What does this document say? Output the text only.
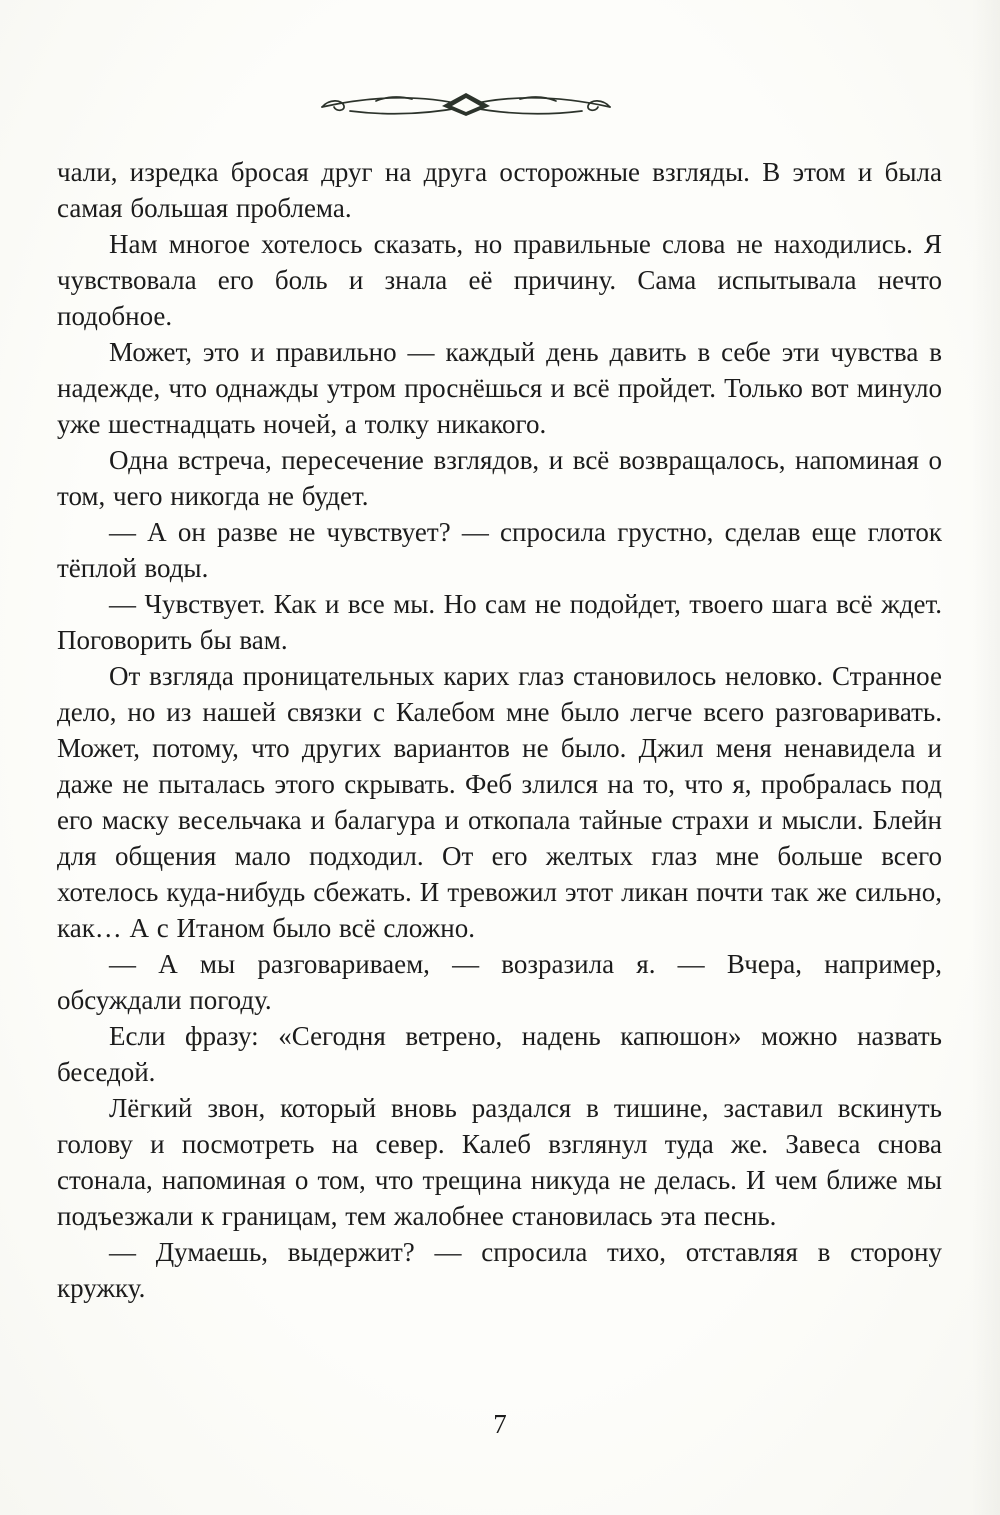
чали, изредка бросая друг на друга осторожные взгляды. В этом и была самая большая проблема.

Нам многое хотелось сказать, но правильные слова не находились. Я чувствовала его боль и знала её причину. Сама испытывала нечто подобное.

Может, это и правильно — каждый день давить в себе эти чувства в надежде, что однажды утром проснёшься и всё пройдет. Только вот минуло уже шестнадцать ночей, а толку никакого.

Одна встреча, пересечение взглядов, и всё возвращалось, напоминая о том, чего никогда не будет.

— А он разве не чувствует? — спросила грустно, сделав еще глоток тёплой воды.

— Чувствует. Как и все мы. Но сам не подойдет, твоего шага всё ждет. Поговорить бы вам.

От взгляда проницательных карих глаз становилось неловко. Странное дело, но из нашей связки с Калебом мне было легче всего разговаривать. Может, потому, что других вариантов не было. Джил меня ненавидела и даже не пыталась этого скрывать. Феб злился на то, что я, пробралась под его маску весельчака и балагура и откопала тайные страхи и мысли. Блейн для общения мало подходил. От его желтых глаз мне больше всего хотелось куда-нибудь сбежать. И тревожил этот ликан почти так же сильно, как… А с Итаном было всё сложно.

— А мы разговариваем, — возразила я. — Вчера, например, обсуждали погоду.

Если фразу: «Сегодня ветрено, надень капюшон» можно назвать беседой.

Лёгкий звон, который вновь раздался в тишине, заставил вскинуть голову и посмотреть на север. Калеб взглянул туда же. Завеса снова стонала, напоминая о том, что трещина никуда не делась. И чем ближе мы подъезжали к границам, тем жалобнее становилась эта песнь.

— Думаешь, выдержит? — спросила тихо, отставляя в сторону кружку.

7
